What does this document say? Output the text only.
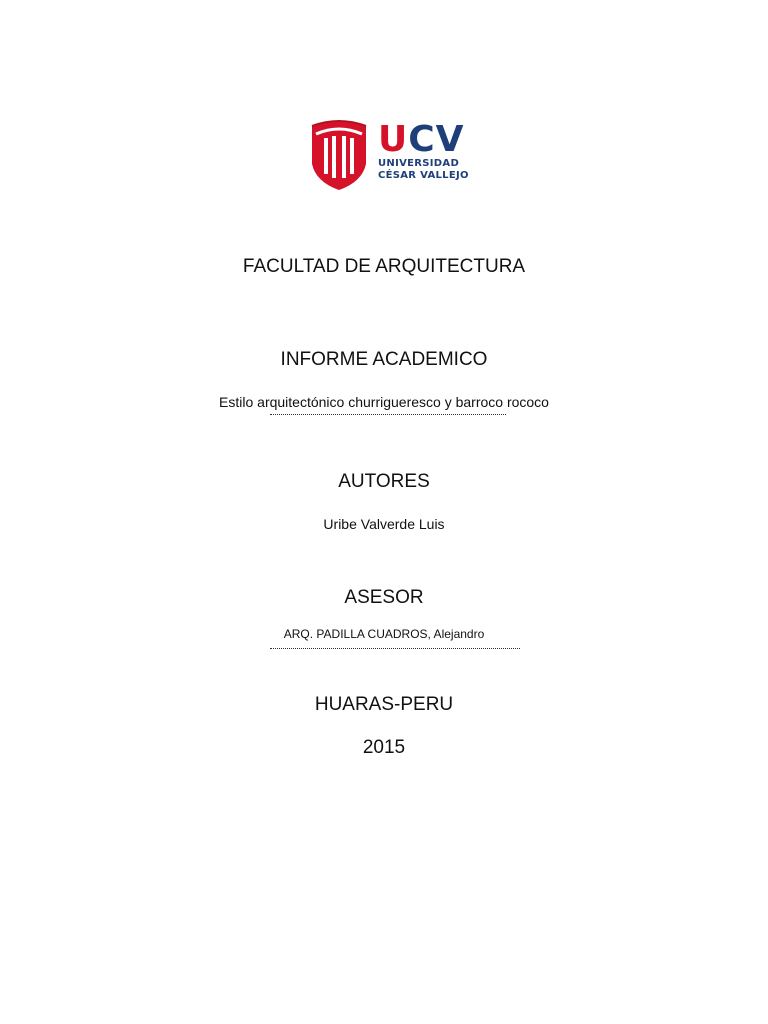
UCV
UNIVERSIDAD
CÉSAR VALLEJO
FACULTAD DE ARQUITECTURA
INFORME ACADEMICO
Estilo arquitectónico churrigueresco y barroco rococo
AUTORES
Uribe Valverde Luis
ASESOR
ARQ. PADILLA CUADROS, Alejandro
HUARAS-PERU
2015
